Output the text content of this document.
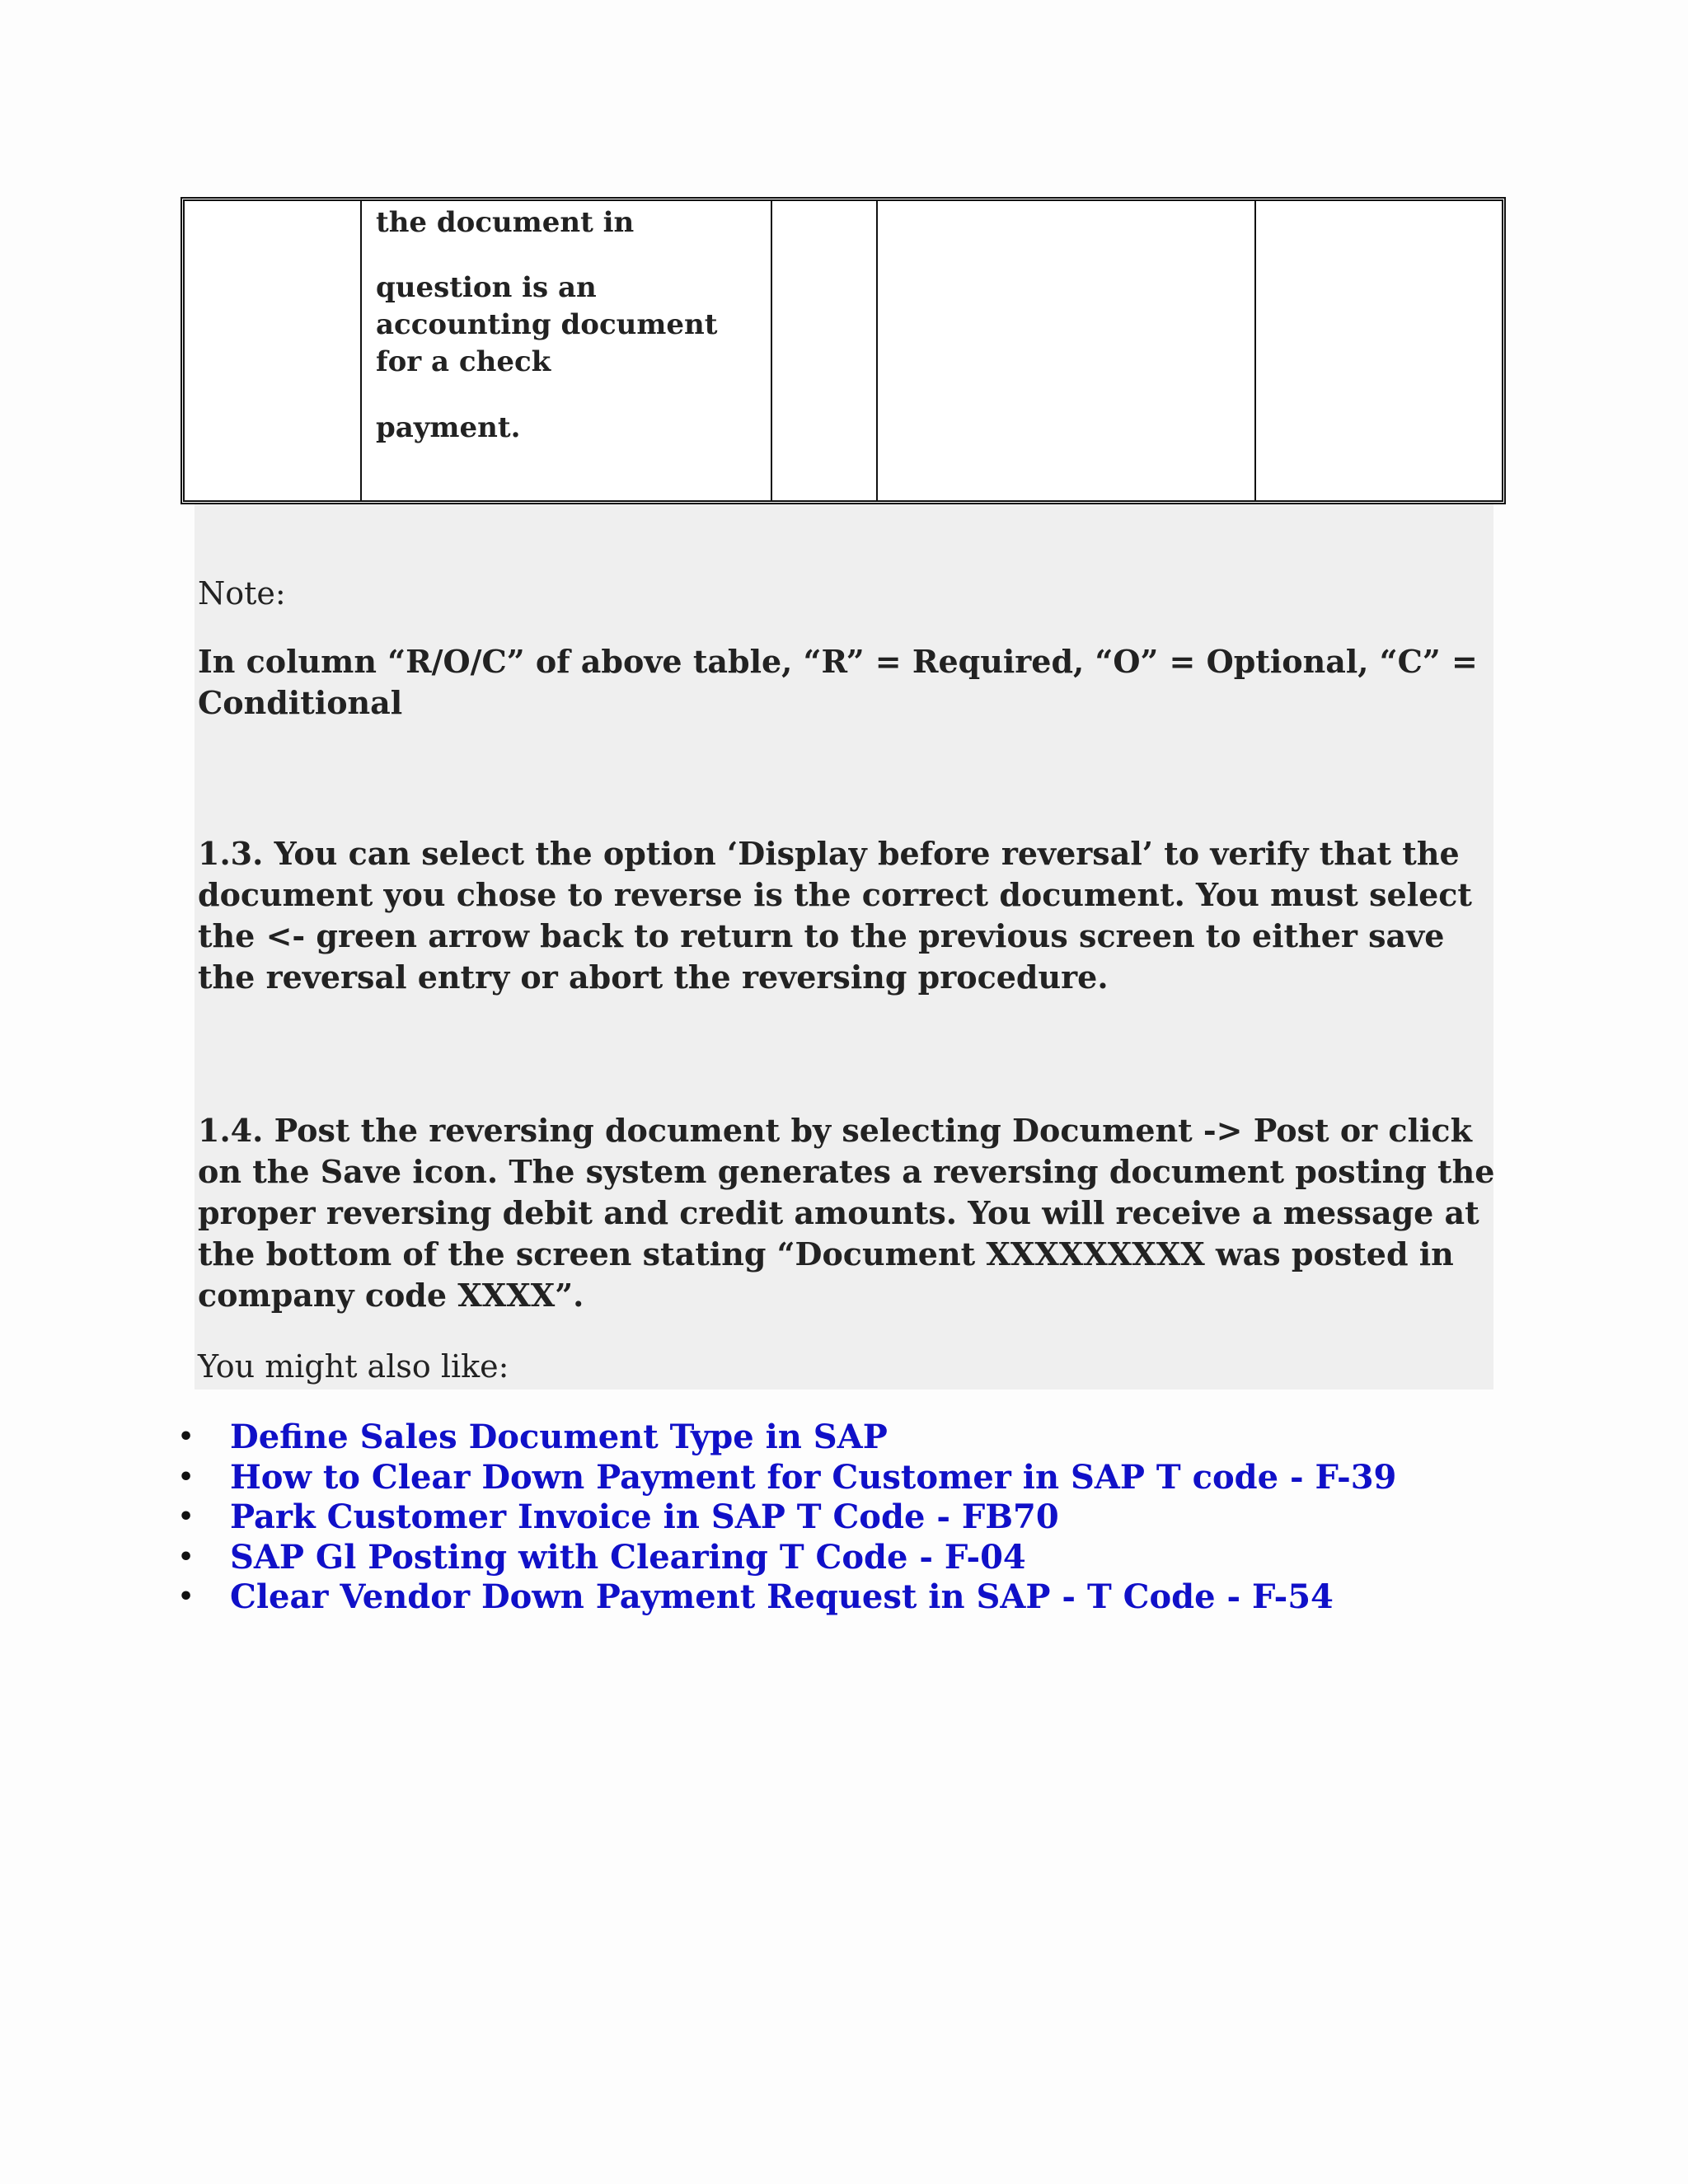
the document in

question is an accounting document for a check

payment.

Note:
In column “R/O/C” of above table, “R” = Required, “O” = Optional, “C” = Conditional
1.3. You can select the option ‘Display before reversal’ to verify that the document you chose to reverse is the correct document. You must select the <- green arrow back to return to the previous screen to either save the reversal entry or abort the reversing procedure.
1.4. Post the reversing document by selecting Document -> Post or click on the Save icon. The system generates a reversing document posting the proper reversing debit and credit amounts. You will receive a message at the bottom of the screen stating “Document XXXXXXXXX was posted in company code XXXX”.
You might also like:
• Define Sales Document Type in SAP
• How to Clear Down Payment for Customer in SAP T code - F-39
• Park Customer Invoice in SAP T Code - FB70
• SAP Gl Posting with Clearing T Code - F-04
• Clear Vendor Down Payment Request in SAP - T Code - F-54
